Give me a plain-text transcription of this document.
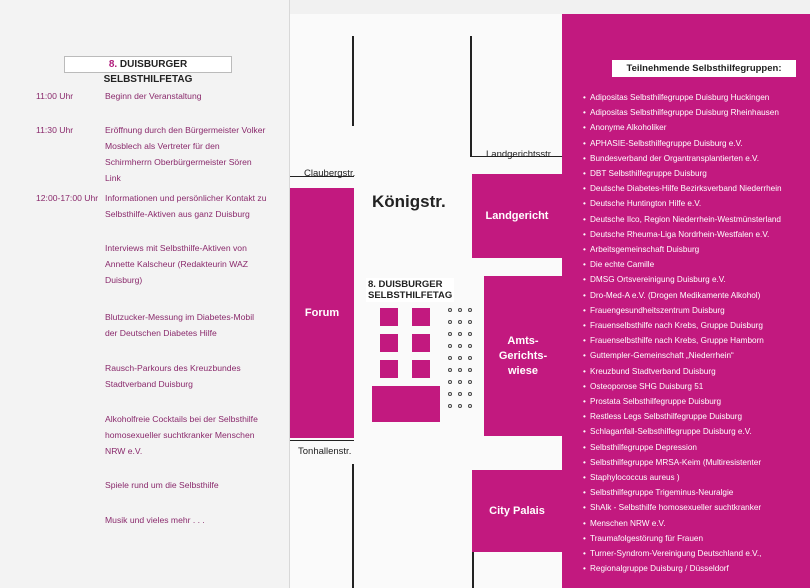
8. DUISBURGER SELBSTHILFETAG
11:00 Uhr	Beginn der Veranstaltung
11:30 Uhr	Eröffnung durch den Bürgermeister Volker Mosblech als Vertreter für den Schirmherrn Oberbürgermeister Sören Link
12:00-17:00 Uhr Informationen und persönlicher Kontakt zu Selbsthilfe-Aktiven aus ganz Duisburg
Interviews mit Selbsthilfe-Aktiven von Annette Kalscheur (Redakteurin WAZ Duisburg)
Blutzucker-Messung im Diabetes-Mobil der Deutschen Diabetes Hilfe
Rausch-Parkours des Kreuzbundes Stadtverband Duisburg
Alkoholfreie Cocktails bei der Selbsthilfe homosexueller suchtkranker Menschen NRW e.V.
Spiele rund um die Selbsthilfe
Musik und vieles mehr . . .
Claubergstr.
Landgerichtsstr.
Königstr.
Tonhallenstr.
Forum
Landgericht
Amts-
Gerichts-
wiese
City Palais
8. DUISBURGER
SELBSTHILFETAG
Teilnehmende Selbsthilfegruppen:
• Adipositas Selbsthilfegruppe Duisburg Huckingen
• Adipositas Selbsthilfegruppe Duisburg Rheinhausen
• Anonyme Alkoholiker
• APHASIE-Selbsthilfegruppe Duisburg e.V.
• Bundesverband der Organtransplantierten e.V.
• DBT Selbsthilfegruppe Duisburg
• Deutsche Diabetes-Hilfe Bezirksverband Niederrhein
• Deutsche Huntington Hilfe e.V.
• Deutsche Ilco, Region Niederrhein-Westmünsterland
• Deutsche Rheuma-Liga Nordrhein-Westfalen e.V.
• Arbeitsgemeinschaft Duisburg
• Die echte Camille
• DMSG Ortsvereinigung Duisburg e.V.
• Dro-Med-A e.V. (Drogen Medikamente Alkohol)
• Frauengesundheitszentrum Duisburg
• Frauenselbsthilfe nach Krebs, Gruppe Duisburg
• Frauenselbsthilfe nach Krebs, Gruppe Hamborn
• Guttempler-Gemeinschaft „Niederrhein“
• Kreuzbund Stadtverband Duisburg
• Osteoporose SHG Duisburg 51
• Prostata Selbsthilfegruppe Duisburg
• Restless Legs Selbsthilfegruppe Duisburg
• Schlaganfall-Selbsthilfegruppe Duisburg e.V.
• Selbsthilfegruppe Depression
• Selbsthilfegruppe MRSA-Keim (Multiresistenter
• Staphylococcus aureus )
• Selbsthilfegruppe Trigeminus-Neuralgie
• ShAlk - Selbsthilfe homosexueller suchtkranker
• Menschen NRW e.V.
• Traumafolgestörung für Frauen
• Turner-Syndrom-Vereinigung Deutschland e.V.,
• Regionalgruppe Duisburg / Düsseldorf
